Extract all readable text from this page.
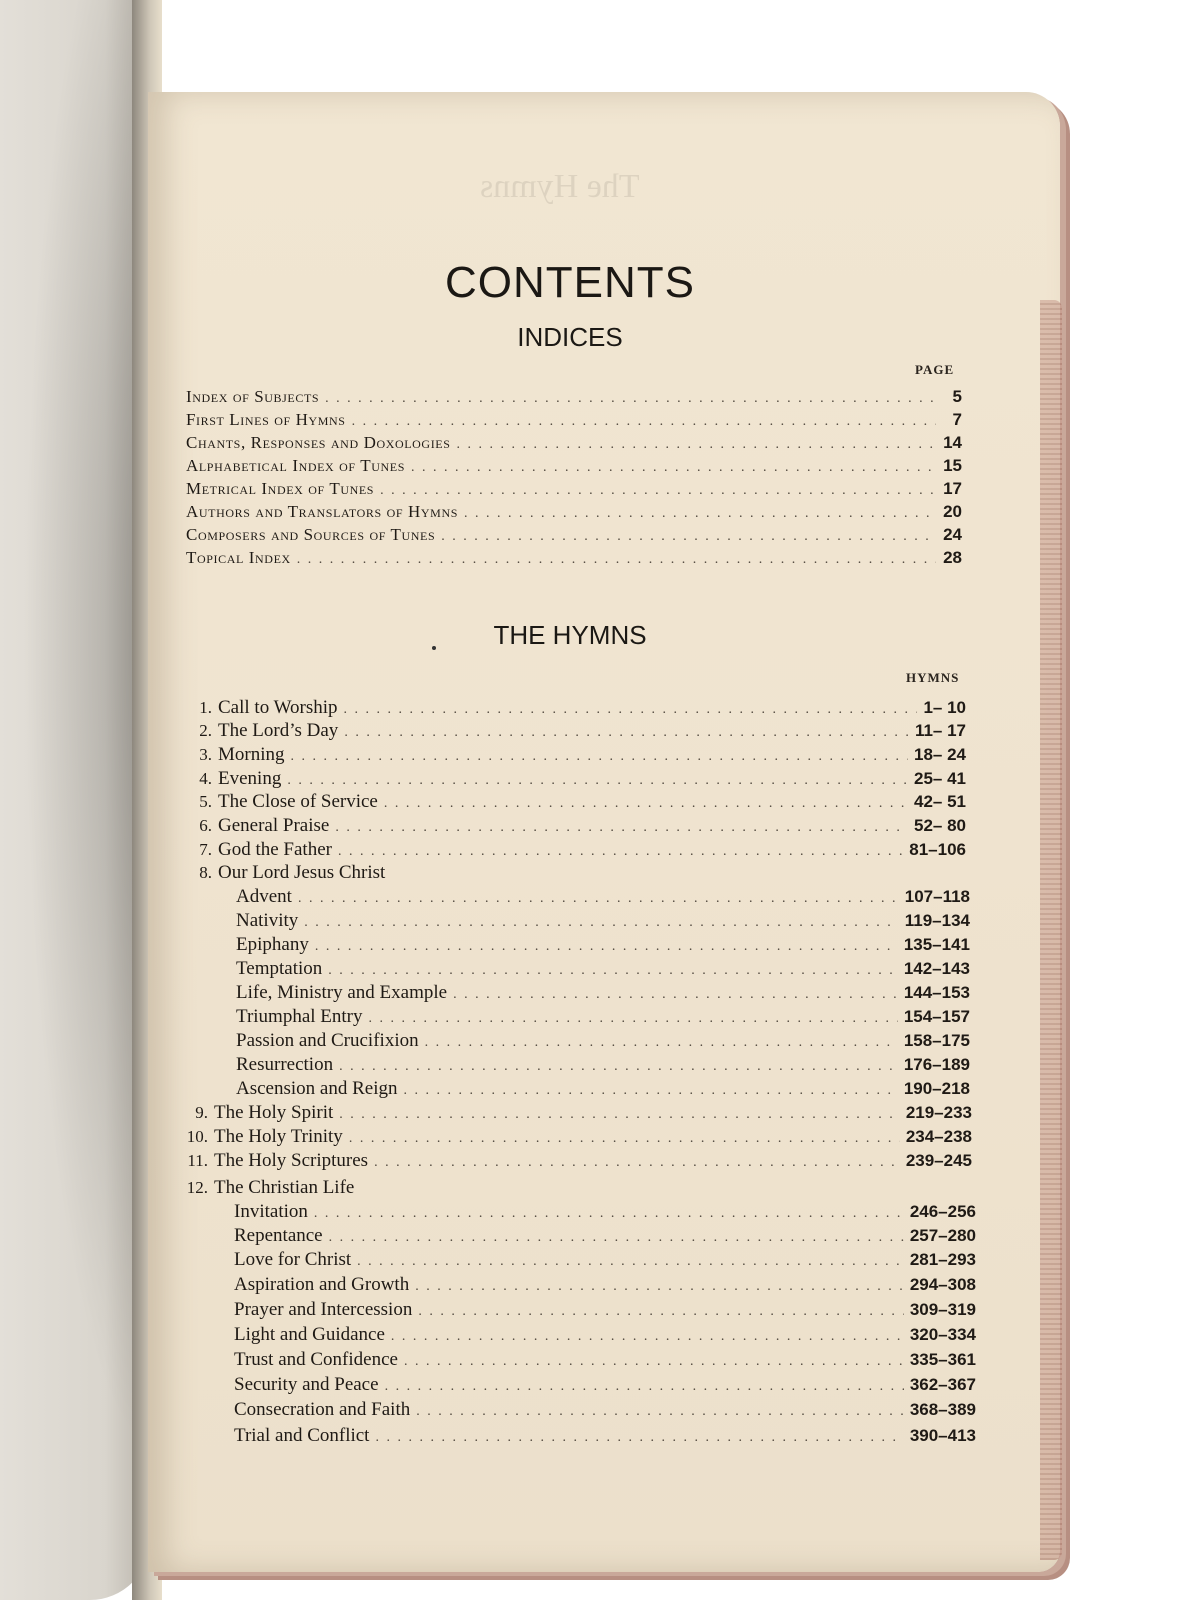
The Hymns
CONTENTS
INDICES
PAGE
Index of Subjects . . .	5
First Lines of Hymns . . .	7
Chants, Responses and Doxologies . . .	14
Alphabetical Index of Tunes . . .	15
Metrical Index of Tunes . . .	17
Authors and Translators of Hymns . . .	20
Composers and Sources of Tunes . . .	24
Topical Index . . .	28
THE HYMNS
HYMNS
1. Call to Worship . . .	1– 10
2. The Lord’s Day . . .	11– 17
3. Morning . . .	18– 24
4. Evening . . .	25– 41
5. The Close of Service . . .	42– 51
6. General Praise . . .	52– 80
7. God the Father . . .	81–106
8. Our Lord Jesus Christ
Advent . . .	107–118
Nativity . . .	119–134
Epiphany . . .	135–141
Temptation . . .	142–143
Life, Ministry and Example . . .	144–153
Triumphal Entry . . .	154–157
Passion and Crucifixion . . .	158–175
Resurrection . . .	176–189
Ascension and Reign . . .	190–218
9. The Holy Spirit . . .	219–233
10. The Holy Trinity . . .	234–238
11. The Holy Scriptures . . .	239–245
12. The Christian Life
Invitation . . .	246–256
Repentance . . .	257–280
Love for Christ . . .	281–293
Aspiration and Growth . . .	294–308
Prayer and Intercession . . .	309–319
Light and Guidance . . .	320–334
Trust and Confidence . . .	335–361
Security and Peace . . .	362–367
Consecration and Faith . . .	368–389
Trial and Conflict . . .	390–413
